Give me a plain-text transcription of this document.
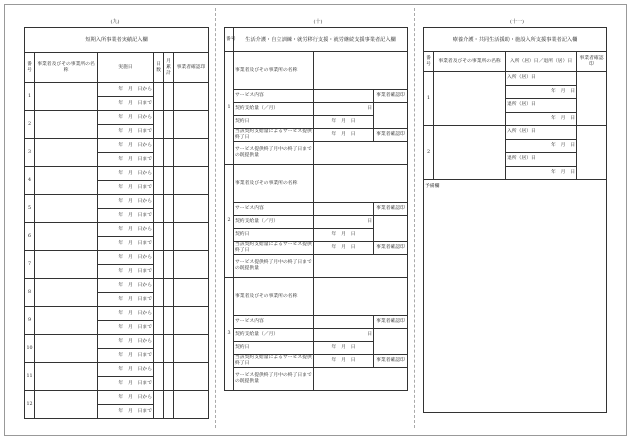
(九)
短期入所事業者実績記入欄					
番号	事業者及びその事業所の名称	実施日	日数	月累計	事業者確認印
1		年　月　日から			
		年　月　日まで			
2		年　月　日から			
		年　月　日まで			
3		年　月　日から			
		年　月　日まで			
4		年　月　日から			
		年　月　日まで			
5		年　月　日から			
		年　月　日まで			
6		年　月　日から			
		年　月　日まで			
7		年　月　日から			
		年　月　日まで			
8		年　月　日から			
		年　月　日まで			
9		年　月　日から			
		年　月　日まで			
10		年　月　日から			
		年　月　日まで			
11		年　月　日から			
		年　月　日まで			
12		年　月　日から			
		年　月　日まで			
(十)
番号	生活介護・自立訓練・就労移行支援・就労継続支援事業者記入欄		
1	事業者及びその事業所の名称		
	サービス内容		事業者確認印
	契約支給量（／月）	日	
	契約日	年　月　日	
	当該契約支給量によるサービス提供終了日	年　月　日	事業者確認印
	サービス提供終了月中の終了日までの既提供量		
2	事業者及びその事業所の名称		
	サービス内容		事業者確認印
	契約支給量（／月）	日	
	契約日	年　月　日	
	当該契約支給量によるサービス提供終了日	年　月　日	事業者確認印
	サービス提供終了月中の終了日までの既提供量		
3	事業者及びその事業所の名称		
	サービス内容		事業者確認印
	契約支給量（／月）	日	
	契約日	年　月　日	
	当該契約支給量によるサービス提供終了日	年　月　日	事業者確認印
	サービス提供終了月中の終了日までの既提供量		
(十一)
療養介護・共同生活援助・施設入所支援事業者記入欄			
番号	事業者及びその事業所の名称	入所（居）日／退所（居）日	事業者確認印
1		入所（居）日	
		年　月　日	
		退所（居）日	
		年　月　日	
2		入所（居）日	
		年　月　日	
		退所（居）日	
		年　月　日	
予備欄			
